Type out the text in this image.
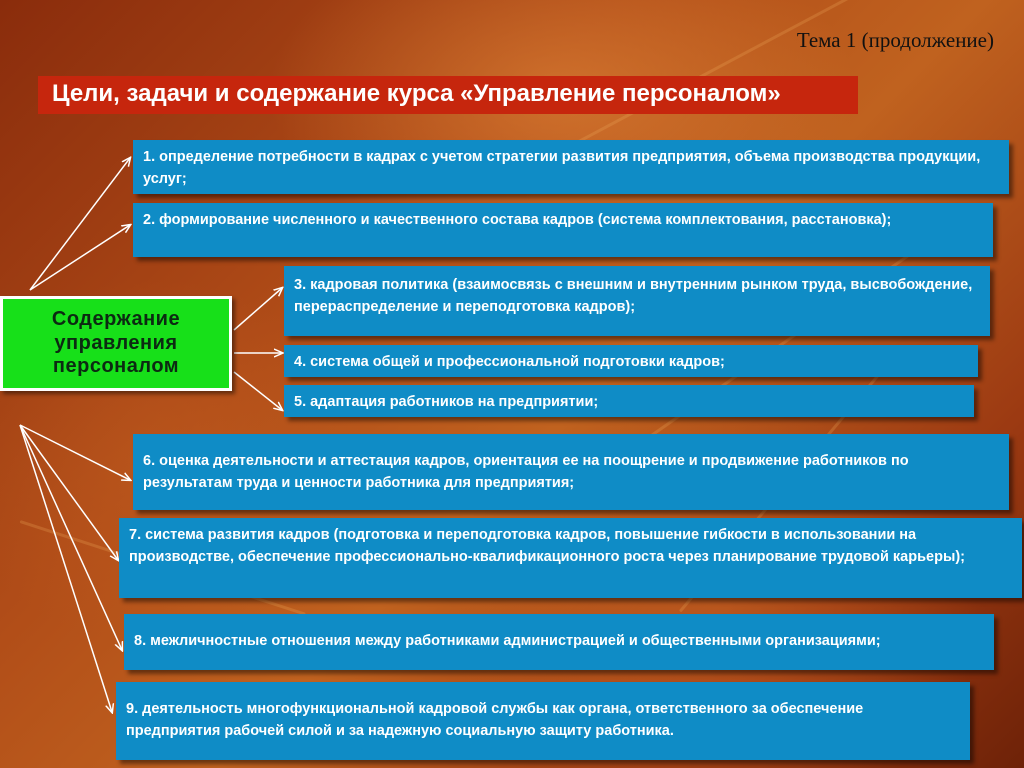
Тема 1 (продолжение)
Цели, задачи и содержание курса «Управление персоналом»
Содержание
управления
персоналом
1. определение потребности в кадрах с учетом стратегии развития предприятия, объема производства продукции, услуг;
2. формирование численного и качественного состава кадров (система комплектования, расстановка);
3. кадровая политика (взаимосвязь с внешним и внутренним рынком труда, высвобождение, перераспределение и переподготовка кадров);
4. система общей и профессиональной подготовки кадров;
5. адаптация работников на предприятии;
6. оценка деятельности и аттестация кадров, ориентация ее на поощрение и продвижение работников по результатам труда и ценности работника для предприятия;
7. система развития кадров (подготовка и переподготовка кадров, повышение гибкости в использовании на производстве, обеспечение профессионально-квалификационного роста через планирование трудовой карьеры);
8. межличностные отношения между работниками администрацией и общественными организациями;
9. деятельность многофункциональной кадровой службы как органа, ответственного за обеспечение предприятия рабочей силой и за надежную социальную защиту работника.
